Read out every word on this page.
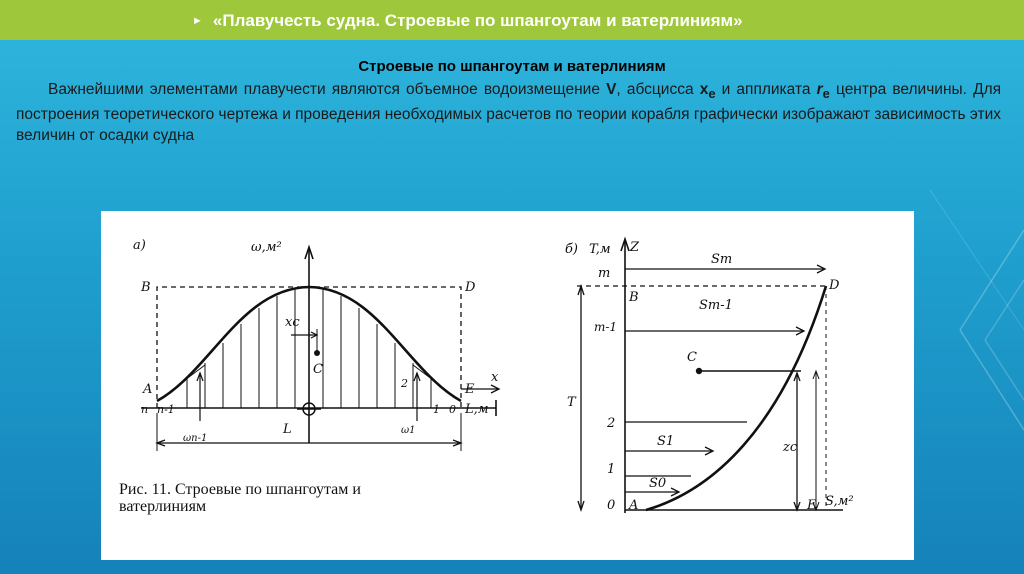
► «Плавучесть судна. Строевые по шпангоутам и ватерлиниям»
Строевые по шпангоутам и ватерлиниям
Важнейшими элементами плавучести являются объемное водоизмещение V, абсцисса $x_e$ и аппликата $r_e$ центра величины. Для построения теоретического чертежа и проведения необходимых расчетов по теории корабля графически изображают зависимость этих величин от осадки судна
а)	ω,м²
x
L,м
B	D
A	E
xc
C
n n-1
2
1 0
L
ωn-1
ω1
Ø
Рис. 11. Строевые по шпангоутам и
ватерлиниям
б) T,м Z
S,м²
m
B
m-1
C
T
2
1
0 A	E
D
Sm
Sm-1
S1
S0
zc
